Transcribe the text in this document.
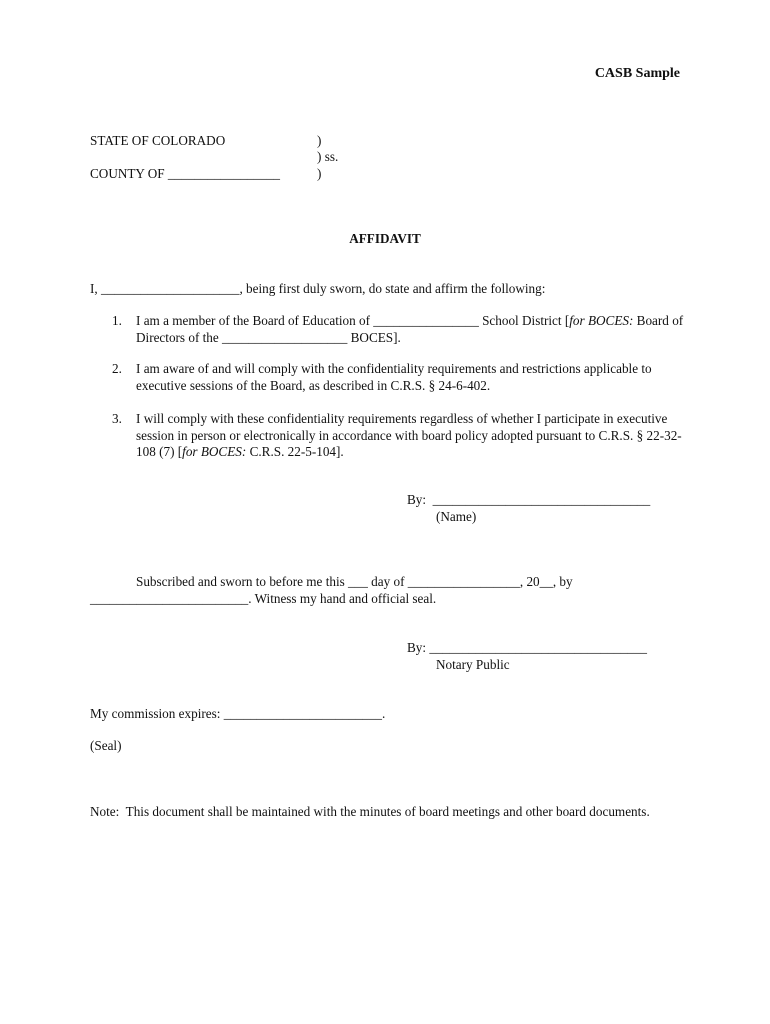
CASB Sample
STATE OF COLORADO
COUNTY OF _________________
)
) ss.
)
AFFIDAVIT
I, _____________________, being first duly sworn, do state and affirm the following:
1. I am a member of the Board of Education of ________________ School District [for BOCES: Board of Directors of the ___________________ BOCES].
2. I am aware of and will comply with the confidentiality requirements and restrictions applicable to executive sessions of the Board, as described in C.R.S. § 24-6-402.
3. I will comply with these confidentiality requirements regardless of whether I participate in executive session in person or electronically in accordance with board policy adopted pursuant to C.R.S. § 22-32-108 (7) [for BOCES: C.R.S. 22-5-104].
By:  _________________________________
(Name)
Subscribed and sworn to before me this ___ day of _________________, 20__, by
________________________. Witness my hand and official seal.
By: _________________________________
Notary Public
My commission expires: ________________________.
(Seal)
Note:  This document shall be maintained with the minutes of board meetings and other board documents.
